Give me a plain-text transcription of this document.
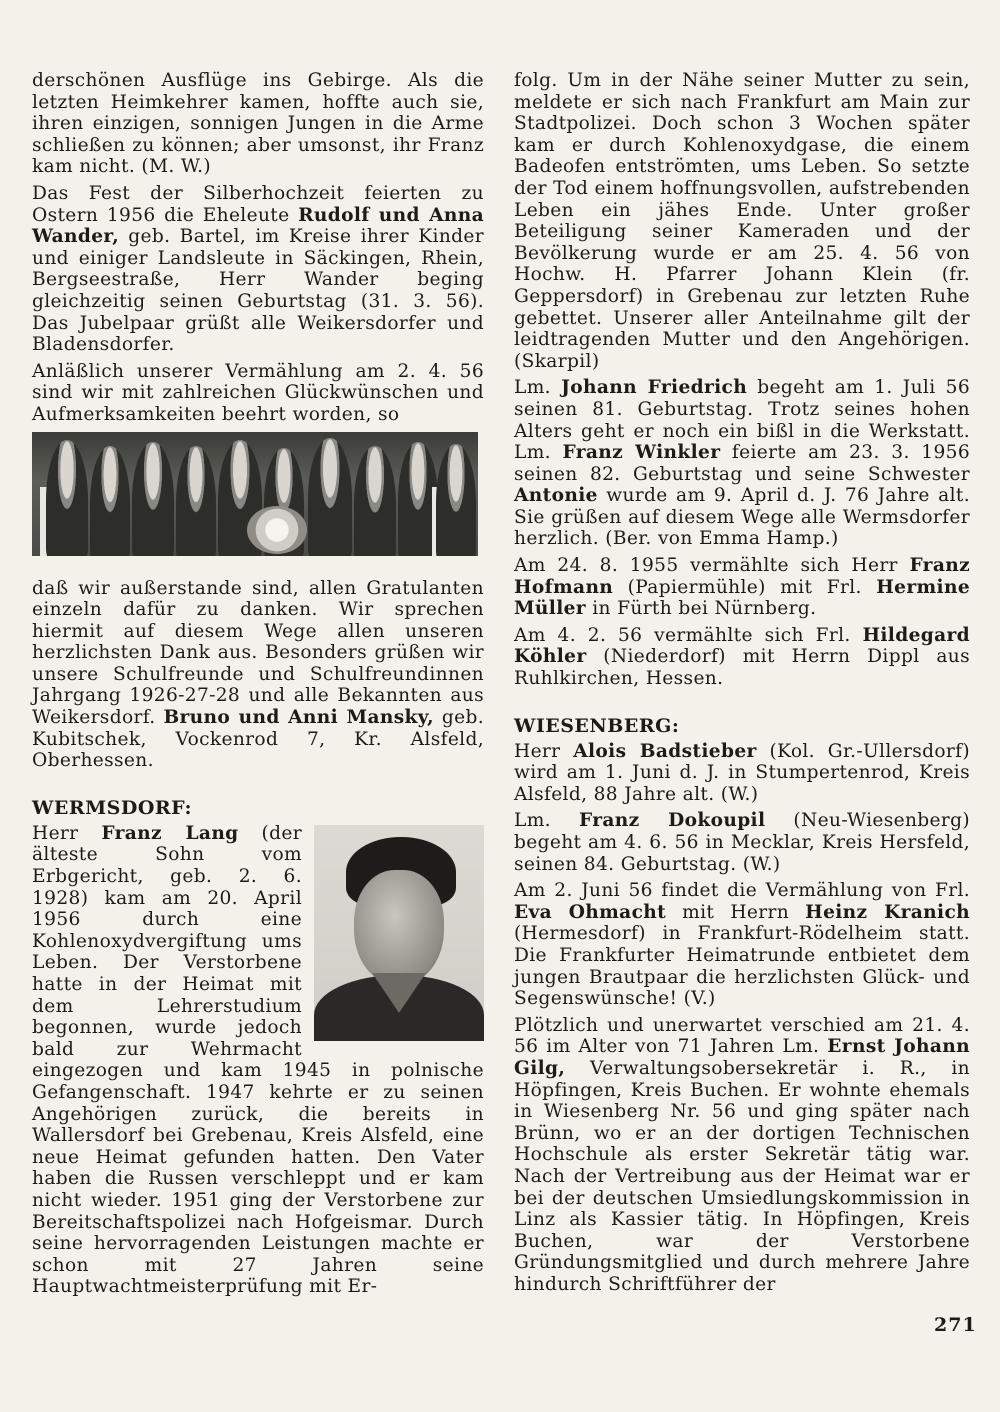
derschönen Ausflüge ins Gebirge. Als die letzten Heimkehrer kamen, hoffte auch sie, ihren einzigen, sonnigen Jungen in die Arme schließen zu können; aber umsonst, ihr Franz kam nicht. (M. W.)

Das Fest der Silberhochzeit feierten zu Ostern 1956 die Eheleute Rudolf und Anna Wander, geb. Bartel, im Kreise ihrer Kinder und einiger Landsleute in Säckingen, Rhein, Bergseestraße, Herr Wander beging gleichzeitig seinen Geburtstag (31. 3. 56). Das Jubelpaar grüßt alle Weikersdorfer und Bladensdorfer.

Anläßlich unserer Vermählung am 2. 4. 56 sind wir mit zahlreichen Glückwünschen und Aufmerksamkeiten beehrt worden, so

daß wir außerstande sind, allen Gratulanten einzeln dafür zu danken. Wir sprechen hiermit auf diesem Wege allen unseren herzlichsten Dank aus. Besonders grüßen wir unsere Schulfreunde und Schulfreundinnen Jahrgang 1926-27-28 und alle Bekannten aus Weikersdorf. Bruno und Anni Mansky, geb. Kubitschek, Vockenrod 7, Kr. Alsfeld, Oberhessen.

WERMSDORF:

Herr Franz Lang (der älteste Sohn vom Erbgericht, geb. 2. 6. 1928) kam am 20. April 1956 durch eine Kohlenoxydvergiftung ums Leben. Der Verstorbene hatte in der Heimat mit dem Lehrerstudium begonnen, wurde jedoch bald zur Wehrmacht eingezogen und kam 1945 in polnische Gefangenschaft. 1947 kehrte er zu seinen Angehörigen zurück, die bereits in Wallersdorf bei Grebenau, Kreis Alsfeld, eine neue Heimat gefunden hatten. Den Vater haben die Russen verschleppt und er kam nicht wieder. 1951 ging der Verstorbene zur Bereitschaftspolizei nach Hofgeismar. Durch seine hervorragenden Leistungen machte er schon mit 27 Jahren seine Hauptwachtmeisterprüfung mit Er-

folg. Um in der Nähe seiner Mutter zu sein, meldete er sich nach Frankfurt am Main zur Stadtpolizei. Doch schon 3 Wochen später kam er durch Kohlenoxydgase, die einem Badeofen entströmten, ums Leben. So setzte der Tod einem hoffnungsvollen, aufstrebenden Leben ein jähes Ende. Unter großer Beteiligung seiner Kameraden und der Bevölkerung wurde er am 25. 4. 56 von Hochw. H. Pfarrer Johann Klein (fr. Geppersdorf) in Grebenau zur letzten Ruhe gebettet. Unserer aller Anteilnahme gilt der leidtragenden Mutter und den Angehörigen. (Skarpil)

Lm. Johann Friedrich begeht am 1. Juli 56 seinen 81. Geburtstag. Trotz seines hohen Alters geht er noch ein bißl in die Werkstatt. Lm. Franz Winkler feierte am 23. 3. 1956 seinen 82. Geburtstag und seine Schwester Antonie wurde am 9. April d. J. 76 Jahre alt. Sie grüßen auf diesem Wege alle Wermsdorfer herzlich. (Ber. von Emma Hamp.)

Am 24. 8. 1955 vermählte sich Herr Franz Hofmann (Papiermühle) mit Frl. Hermine Müller in Fürth bei Nürnberg.

Am 4. 2. 56 vermählte sich Frl. Hildegard Köhler (Niederdorf) mit Herrn Dippl aus Ruhlkirchen, Hessen.

WIESENBERG:

Herr Alois Badstieber (Kol. Gr.-Ullersdorf) wird am 1. Juni d. J. in Stumpertenrod, Kreis Alsfeld, 88 Jahre alt. (W.)

Lm. Franz Dokoupil (Neu-Wiesenberg) begeht am 4. 6. 56 in Mecklar, Kreis Hersfeld, seinen 84. Geburtstag. (W.)

Am 2. Juni 56 findet die Vermählung von Frl. Eva Ohmacht mit Herrn Heinz Kranich (Hermesdorf) in Frankfurt-Rödelheim statt. Die Frankfurter Heimatrunde entbietet dem jungen Brautpaar die herzlichsten Glück- und Segenswünsche! (V.)

Plötzlich und unerwartet verschied am 21. 4. 56 im Alter von 71 Jahren Lm. Ernst Johann Gilg, Verwaltungsobersekretär i. R., in Höpfingen, Kreis Buchen. Er wohnte ehemals in Wiesenberg Nr. 56 und ging später nach Brünn, wo er an der dortigen Technischen Hochschule als erster Sekretär tätig war. Nach der Vertreibung aus der Heimat war er bei der deutschen Umsiedlungskommission in Linz als Kassier tätig. In Höpfingen, Kreis Buchen, war der Verstorbene Gründungsmitglied und durch mehrere Jahre hindurch Schriftführer der

271
